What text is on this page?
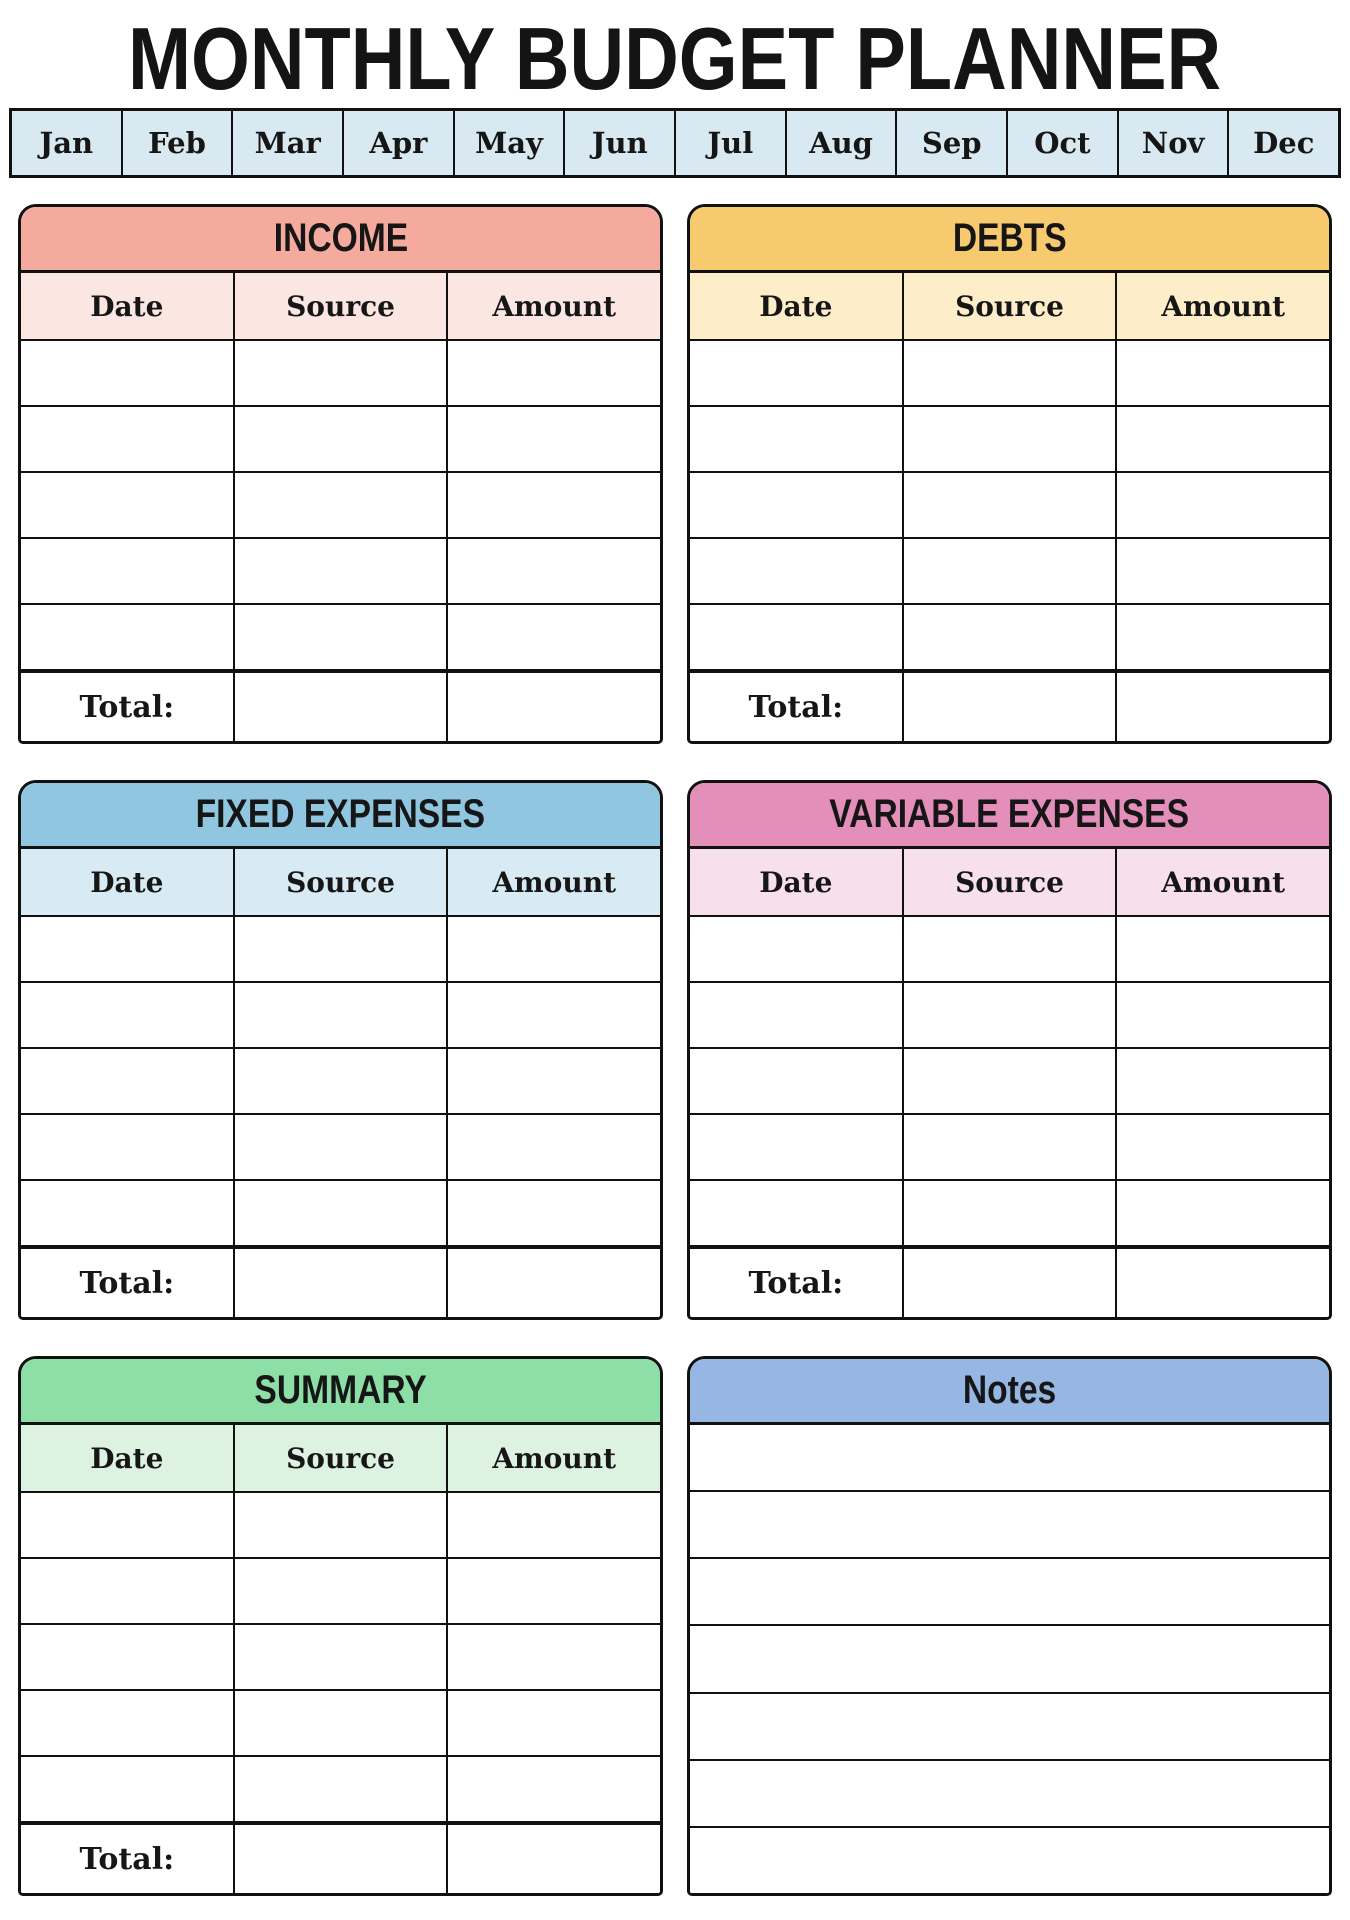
MONTHLY BUDGET PLANNER
Jan	Feb	Mar	Apr	May	Jun	Jul	Aug	Sep	Oct	Nov	Dec
INCOME
Date	Source	Amount
Total:
DEBTS
Date	Source	Amount
Total:
FIXED EXPENSES
Date	Source	Amount
Total:
VARIABLE EXPENSES
Date	Source	Amount
Total:
SUMMARY
Date	Source	Amount
Total:
Notes
